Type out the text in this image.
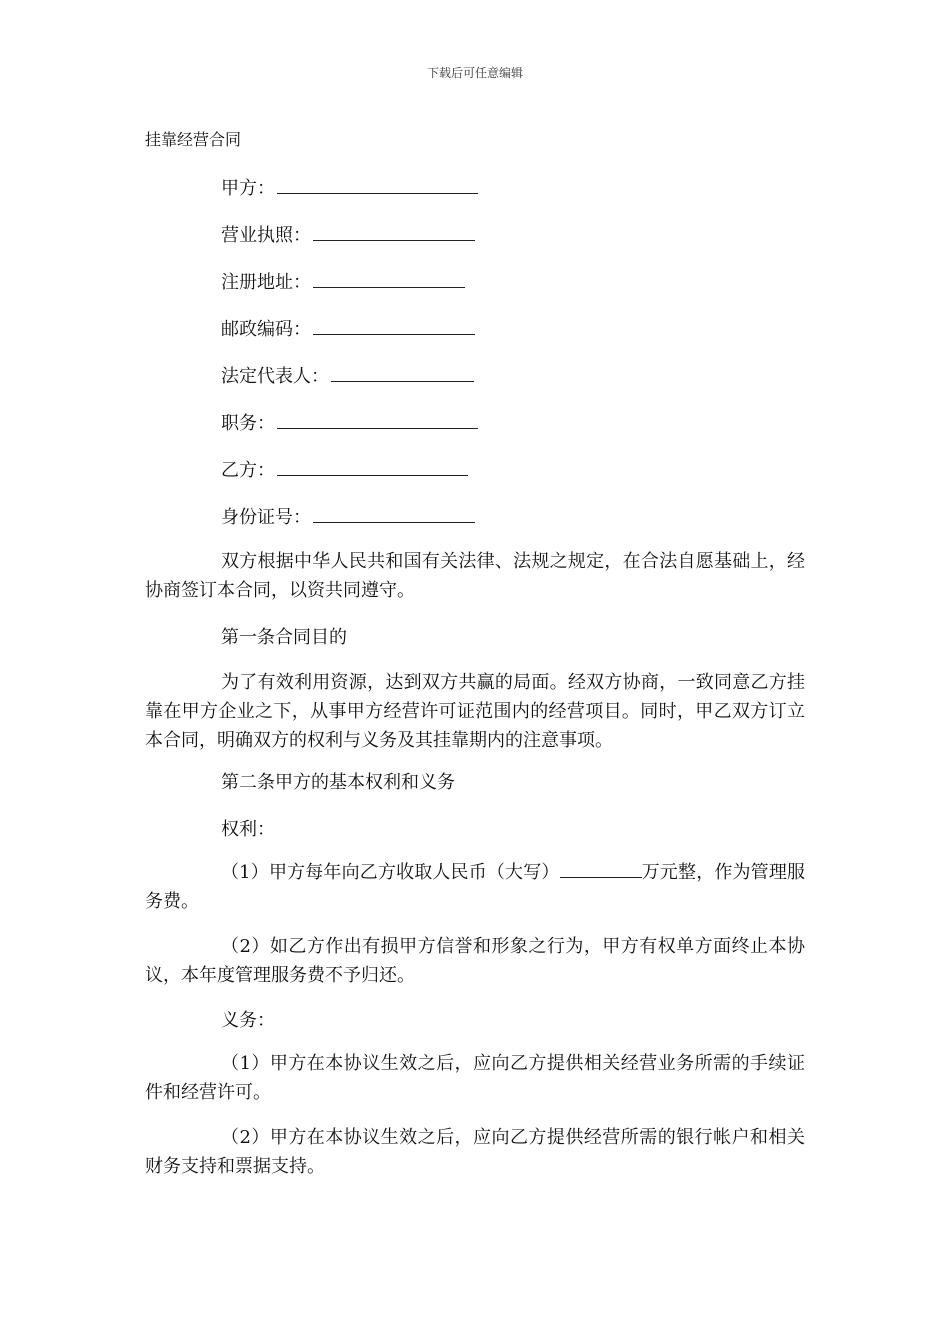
下载后可任意编辑
挂靠经营合同
甲方：
营业执照：
注册地址：
邮政编码：
法定代表人：
职务：
乙方：
身份证号：
双方根据中华人民共和国有关法律、法规之规定，在合法自愿基础上，经协商签订本合同，以资共同遵守。
第一条合同目的
为了有效利用资源，达到双方共赢的局面。经双方协商，一致同意乙方挂靠在甲方企业之下，从事甲方经营许可证范围内的经营项目。同时，甲乙双方订立本合同，明确双方的权利与义务及其挂靠期内的注意事项。
第二条甲方的基本权利和义务
权利：
（1）甲方每年向乙方收取人民币（大写）	万元整，作为管理服务费。
（2）如乙方作出有损甲方信誉和形象之行为，甲方有权单方面终止本协议，本年度管理服务费不予归还。
义务：
（1）甲方在本协议生效之后，应向乙方提供相关经营业务所需的手续证件和经营许可。
（2）甲方在本协议生效之后，应向乙方提供经营所需的银行帐户和相关财务支持和票据支持。
